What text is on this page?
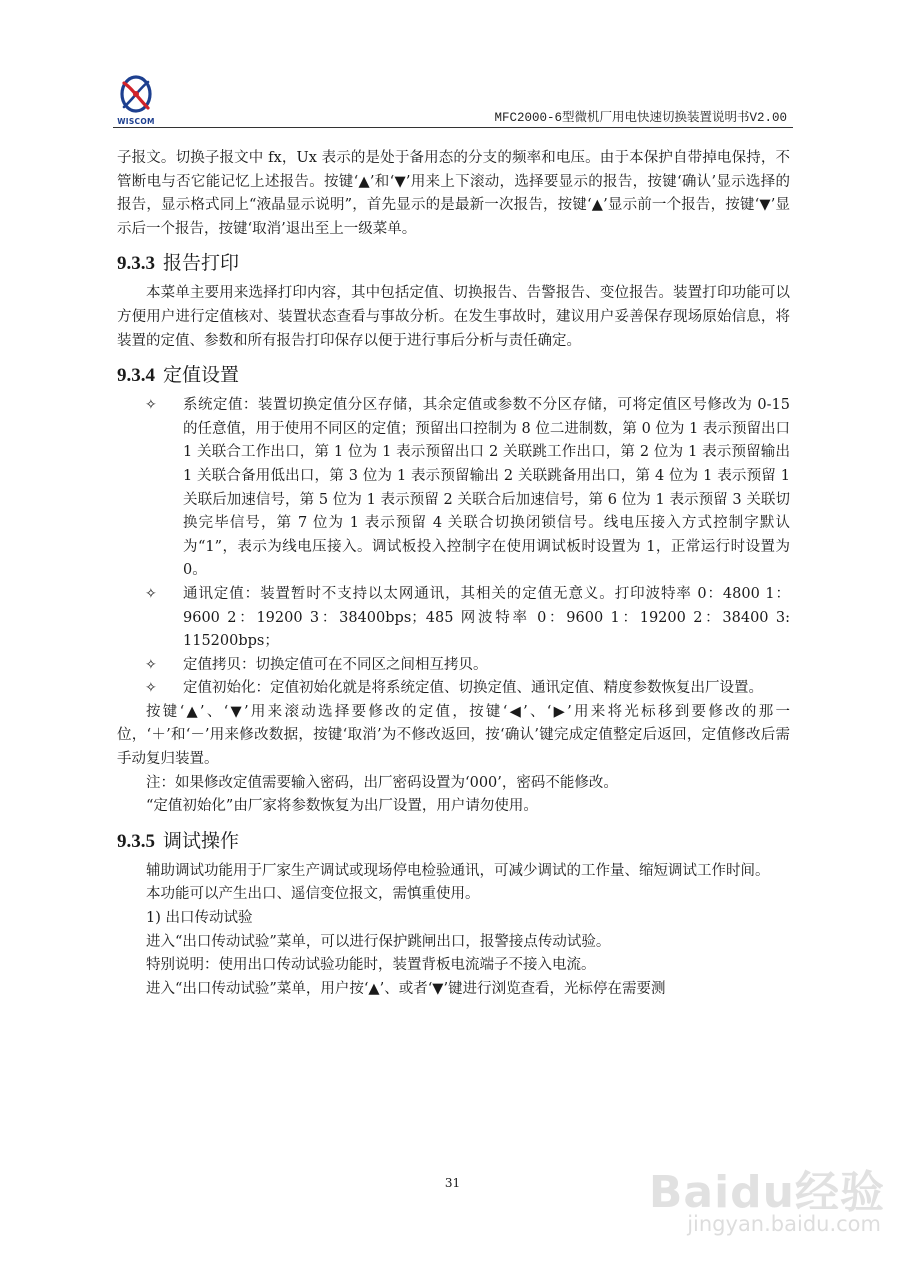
WISCOM	MFC2000-6型微机厂用电快速切换装置说明书V2.00

子报文。切换子报文中 fx，Ux 表示的是处于备用态的分支的频率和电压。由于本保护自带掉电保持，不管断电与否它能记忆上述报告。按键‘▲’和‘▼’用来上下滚动，选择要显示的报告，按键‘确认’显示选择的报告，显示格式同上“液晶显示说明”，首先显示的是最新一次报告，按键‘▲’显示前一个报告，按键‘▼’显示后一个报告，按键‘取消’退出至上一级菜单。

9.3.3 报告打印

本菜单主要用来选择打印内容，其中包括定值、切换报告、告警报告、变位报告。装置打印功能可以方便用户进行定值核对、装置状态查看与事故分析。在发生事故时，建议用户妥善保存现场原始信息，将装置的定值、参数和所有报告打印保存以便于进行事后分析与责任确定。

9.3.4 定值设置
✧ 系统定值：装置切换定值分区存储，其余定值或参数不分区存储，可将定值区号修改为 0-15 的任意值，用于使用不同区的定值；预留出口控制为 8 位二进制数，第 0 位为 1 表示预留出口 1 关联合工作出口，第 1 位为 1 表示预留出口 2 关联跳工作出口，第 2 位为 1 表示预留输出 1 关联合备用低出口，第 3 位为 1 表示预留输出 2 关联跳备用出口，第 4 位为 1 表示预留 1 关联后加速信号，第 5 位为 1 表示预留 2 关联合后加速信号，第 6 位为 1 表示预留 3 关联切换完毕信号，第 7 位为 1 表示预留 4 关联合切换闭锁信号。线电压接入方式控制字默认为“1”，表示为线电压接入。调试板投入控制字在使用调试板时设置为 1，正常运行时设置为 0。
✧ 通讯定值：装置暂时不支持以太网通讯，其相关的定值无意义。打印波特率 0：4800 1：9600 2：19200 3：38400bps；485 网波特率 0：9600 1：19200 2：38400 3: 115200bps；
✧ 定值拷贝：切换定值可在不同区之间相互拷贝。
✧ 定值初始化：定值初始化就是将系统定值、切换定值、通讯定值、精度参数恢复出厂设置。

按键‘▲’、‘▼’用来滚动选择要修改的定值，按键‘◀’、‘▶’用来将光标移到要修改的那一位，‘＋’和‘－’用来修改数据，按键‘取消’为不修改返回，按‘确认’键完成定值整定后返回，定值修改后需手动复归装置。

注：如果修改定值需要输入密码，出厂密码设置为‘000’，密码不能修改。

“定值初始化”由厂家将参数恢复为出厂设置，用户请勿使用。

9.3.5 调试操作

辅助调试功能用于厂家生产调试或现场停电检验通讯，可减少调试的工作量、缩短调试工作时间。

本功能可以产生出口、遥信变位报文，需慎重使用。

1) 出口传动试验

进入“出口传动试验”菜单，可以进行保护跳闸出口，报警接点传动试验。

特别说明：使用出口传动试验功能时，装置背板电流端子不接入电流。

进入“出口传动试验”菜单，用户按‘▲’、或者‘▼’键进行浏览查看，光标停在需要测

31	Baidu经验
jingyan.baidu.com
